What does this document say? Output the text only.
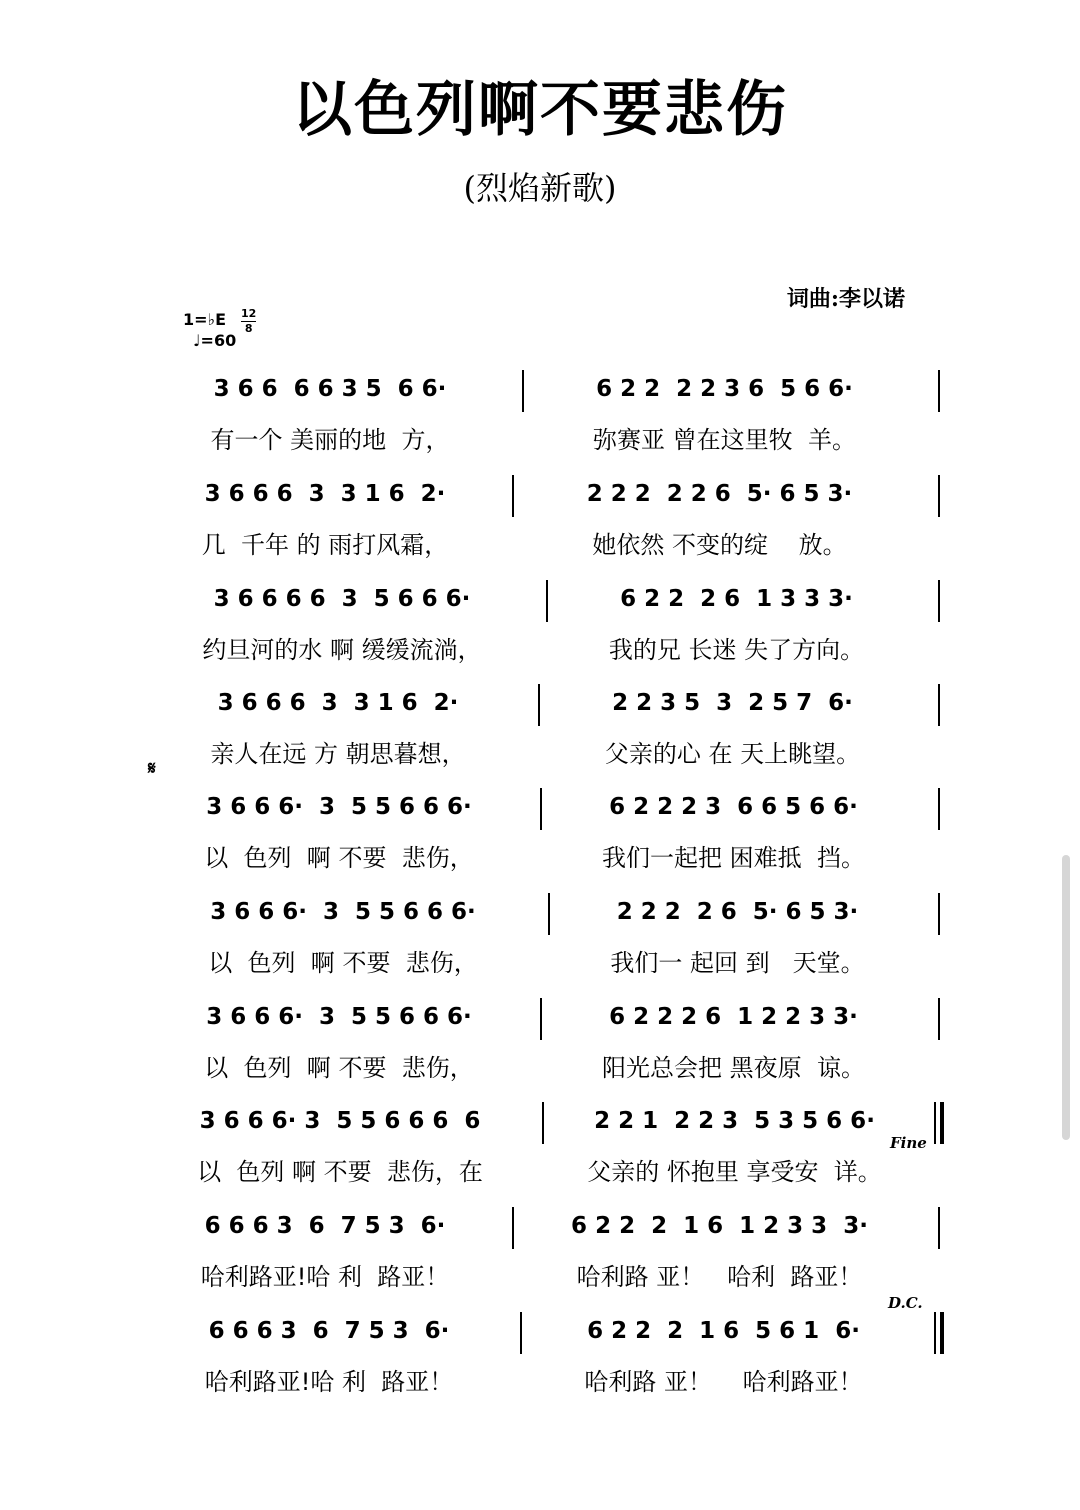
以色列啊不要悲伤
(烈焰新歌)
词曲:李以诺
1=♭E 12
8
♩=60
3 6 6  6 6 3 5  6 6·	6 2 2  2 2 3 6  5 6 6·
有一个 美丽的地  方，	弥赛亚 曾在这里牧  羊。
3 6 6 6  3  3 1 6  2·	2 2 2  2 2 6  5· 6 5 3·
几  千年 的 雨打风霜，	她依然 不变的绽    放。
3 6 6 6 6  3  5 6 6 6·	6 2 2  2 6  1 3 3 3·
约旦河的水 啊 缓缓流淌，	我的兄 长迷 失了方向。
3 6 6 6  3  3 1 6  2·	2 2 3 5  3  2 5 7  6·
亲人在远 方 朝思暮想，	父亲的心 在 天上眺望。
3 6 6 6·  3  5 5 6 6 6·	6 2 2 2 3  6 6 5 6 6·
以  色列  啊 不要  悲伤，	我们一起把 困难抵  挡。
3 6 6 6·  3  5 5 6 6 6·	2 2 2  2 6  5· 6 5 3·
以  色列  啊 不要  悲伤，	我们一 起回 到   天堂。
3 6 6 6·  3  5 5 6 6 6·	6 2 2 2 6  1 2 2 3 3·
以  色列  啊 不要  悲伤，	阳光总会把 黑夜原  谅。
3 6 6 6· 3  5 5 6 6 6  6	2 2 1  2 2 3  5 3 5 6 6·
以  色列 啊 不要  悲伤，在	父亲的 怀抱里 享受安  详。
6 6 6 3  6  7 5 3  6·	6 2 2  2  1 6  1 2 3 3  3·
哈利路亚!哈 利  路亚！	哈利路 亚！   哈利  路亚！
6 6 6 3  6  7 5 3  6·	6 2 2  2  1 6  5 6 1  6·
哈利路亚!哈 利  路亚！	哈利路 亚！    哈利路亚！
𝄋
Fine
D.C.
